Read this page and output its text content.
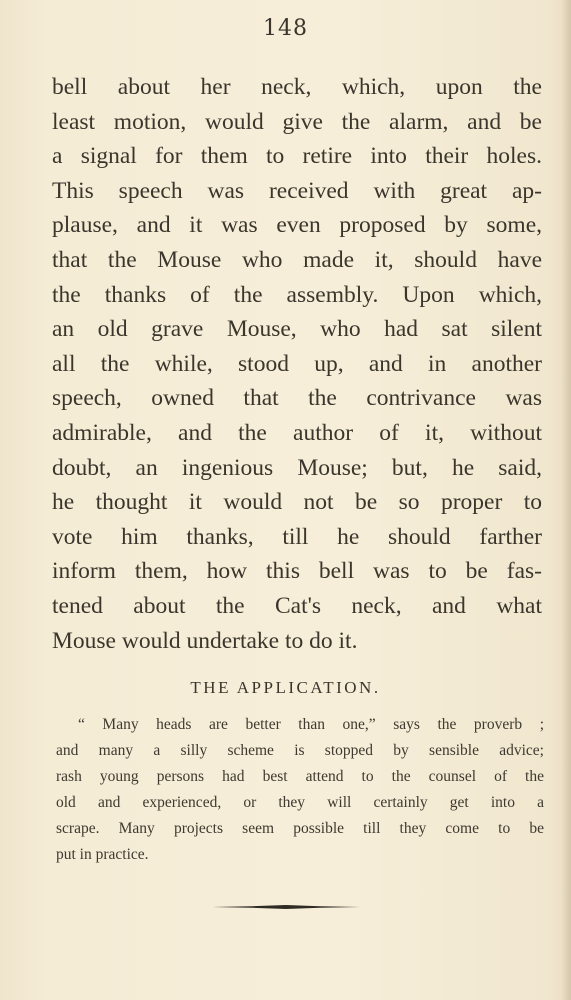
148
bell about her neck, which, upon the
least motion, would give the alarm, and be
a signal for them to retire into their holes.
This speech was received with great ap-
plause, and it was even proposed by some,
that the Mouse who made it, should have
the thanks of the assembly. Upon which,
an old grave Mouse, who had sat silent
all the while, stood up, and in another
speech, owned that the contrivance was
admirable, and the author of it, without
doubt, an ingenious Mouse; but, he said,
he thought it would not be so proper to
vote him thanks, till he should farther
inform them, how this bell was to be fas-
tened about the Cat's neck, and what
Mouse would undertake to do it.
THE APPLICATION.
“ Many heads are better than one,” says the proverb ;
and many a silly scheme is stopped by sensible advice;
rash young persons had best attend to the counsel of the
old and experienced, or they will certainly get into a
scrape. Many projects seem possible till they come to be
put in practice.
